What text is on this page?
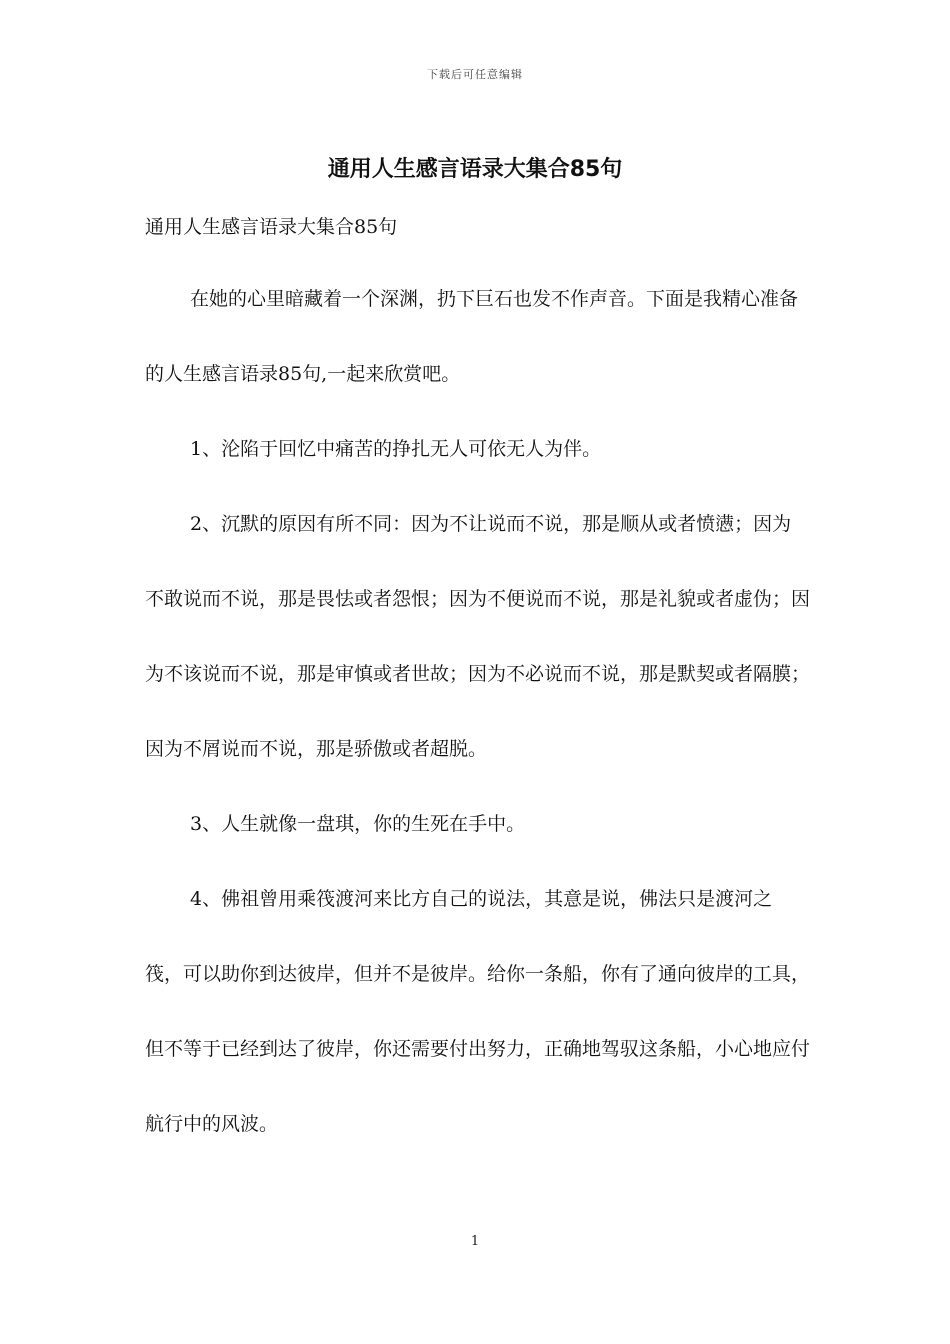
下载后可任意编辑
通用人生感言语录大集合85句
通用人生感言语录大集合85句

在她的心里暗藏着一个深渊，扔下巨石也发不作声音。下面是我精心准备的人生感言语录85句,一起来欣赏吧。

1、沦陷于回忆中痛苦的挣扎无人可依无人为伴。

2、沉默的原因有所不同：因为不让说而不说，那是顺从或者愤懑；因为不敢说而不说，那是畏怯或者怨恨；因为不便说而不说，那是礼貌或者虚伪；因为不该说而不说，那是审慎或者世故；因为不必说而不说，那是默契或者隔膜；因为不屑说而不说，那是骄傲或者超脱。

3、人生就像一盘琪，你的生死在手中。

4、佛祖曾用乘筏渡河来比方自己的说法，其意是说，佛法只是渡河之筏，可以助你到达彼岸，但并不是彼岸。给你一条船，你有了通向彼岸的工具，但不等于已经到达了彼岸，你还需要付出努力，正确地驾驭这条船，小心地应付航行中的风波。

1
